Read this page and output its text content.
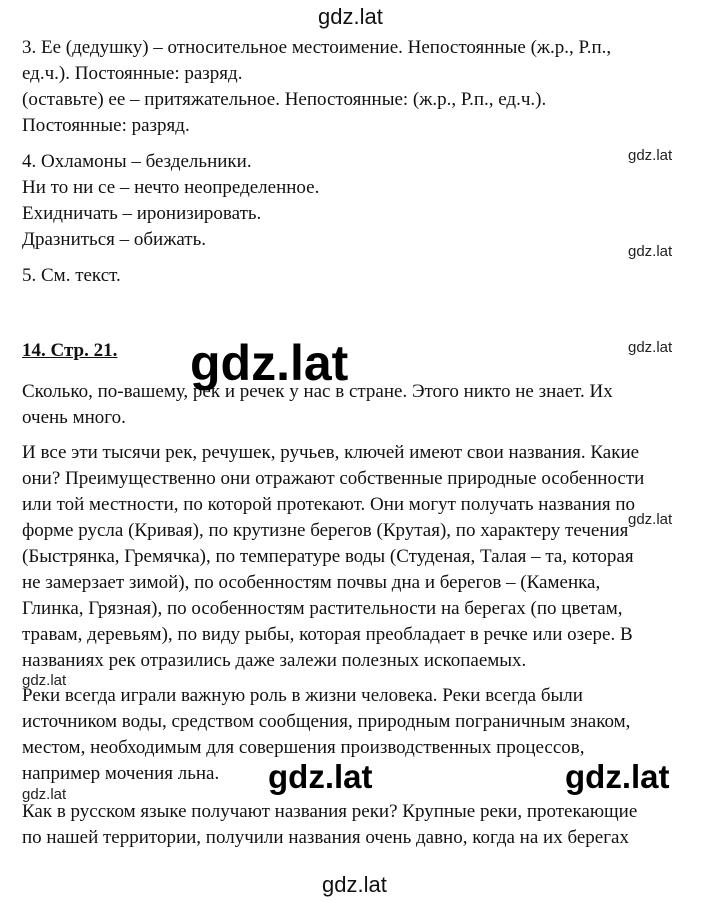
gdz.lat
3. Ее (дедушку) – относительное местоимение. Непостоянные (ж.р., Р.п.,
ед.ч.). Постоянные: разряд.
(оставьте) ее – притяжательное. Непостоянные: (ж.р., Р.п., ед.ч.).
Постоянные: разряд.
4. Охламоны – бездельники.
Ни то ни се – нечто неопределенное.
Ехидничать – иронизировать.
Дразниться – обижать.
5. См. текст.
14. Стр. 21.
Сколько, по-вашему, рек и речек у нас в стране. Этого никто не знает. Их
очень много.
И все эти тысячи рек, речушек, ручьев, ключей имеют свои названия. Какие
они? Преимущественно они отражают собственные природные особенности
или той местности, по которой протекают. Они могут получать названия по
форме русла (Кривая), по крутизне берегов (Крутая), по характеру течения
(Быстрянка, Гремячка), по температуре воды (Студеная, Талая – та, которая
не замерзает зимой), по особенностям почвы дна и берегов – (Каменка,
Глинка, Грязная), по особенностям растительности на берегах (по цветам,
травам, деревьям), по виду рыбы, которая преобладает в речке или озере. В
названиях рек отразились даже залежи полезных ископаемых.
Реки всегда играли важную роль в жизни человека. Реки всегда были
источником воды, средством сообщения, природным пограничным знаком,
местом, необходимым для совершения производственных процессов,
например мочения льна.
Как в русском языке получают названия реки? Крупные реки, протекающие
по нашей территории, получили названия очень давно, когда на их берегах
gdz.lat
gdz.lat
gdz.lat
gdz.lat
gdz.lat
gdz.lat
gdz.lat
gdz.lat	gdz.lat
gdz.lat
